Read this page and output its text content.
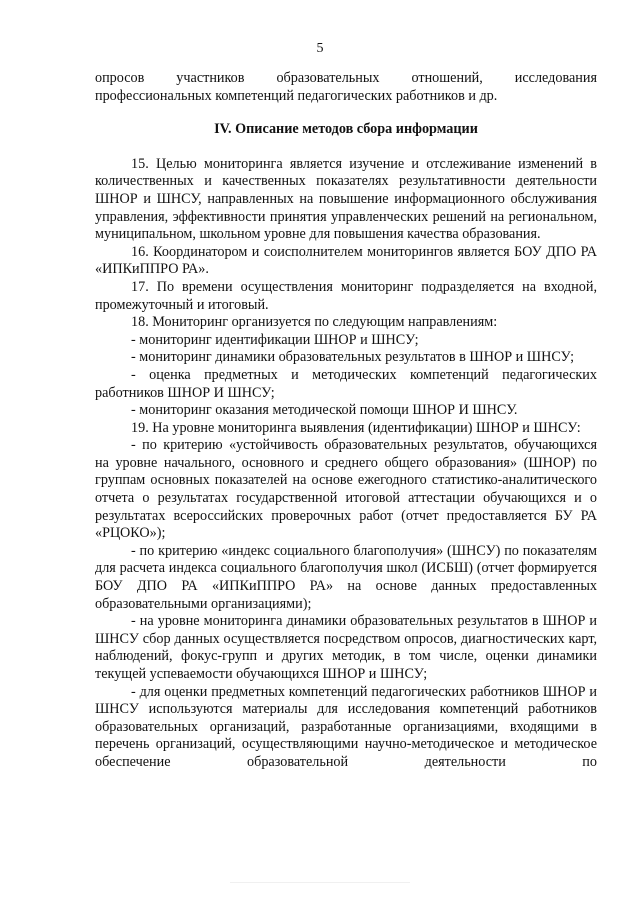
5

опросов участников образовательных отношений, исследования профессиональных компетенций педагогических работников и др.

IV. Описание методов сбора информации

15. Целью мониторинга является изучение и отслеживание изменений в количественных и качественных показателях результативности деятельности ШНОР и ШНСУ, направленных на повышение информационного обслуживания управления, эффективности принятия управленческих решений на региональном, муниципальном, школьном уровне для повышения качества образования.

16. Координатором и соисполнителем мониторингов является БОУ ДПО РА «ИПКиППРО РА».

17. По времени осуществления мониторинг подразделяется на входной, промежуточный и итоговый.

18. Мониторинг организуется по следующим направлениям:

- мониторинг идентификации ШНОР и ШНСУ;

- мониторинг динамики образовательных результатов в ШНОР и ШНСУ;

- оценка предметных и методических компетенций педагогических работников ШНОР И ШНСУ;

- мониторинг оказания методической помощи ШНОР И ШНСУ.

19. На уровне мониторинга выявления (идентификации) ШНОР и ШНСУ:

- по критерию «устойчивость образовательных результатов, обучающихся на уровне начального, основного и среднего общего образования» (ШНОР) по группам основных показателей на основе ежегодного статистико-аналитического отчета о результатах государственной итоговой аттестации обучающихся и о результатах всероссийских проверочных работ (отчет предоставляется БУ РА «РЦОКО»);

- по критерию «индекс социального благополучия» (ШНСУ) по показателям для расчета индекса социального благополучия школ (ИСБШ) (отчет формируется БОУ ДПО РА «ИПКиППРО РА» на основе данных предоставленных образовательными организациями);

- на уровне мониторинга динамики образовательных результатов в ШНОР и ШНСУ сбор данных осуществляется посредством опросов, диагностических карт, наблюдений, фокус-групп и других методик, в том числе, оценки динамики текущей успеваемости обучающихся ШНОР и ШНСУ;

- для оценки предметных компетенций педагогических работников ШНОР и ШНСУ используются материалы для исследования компетенций работников образовательных организаций, разработанные организациями, входящими в перечень организаций, осуществляющими научно-методическое и методическое обеспечение образовательной деятельности по
